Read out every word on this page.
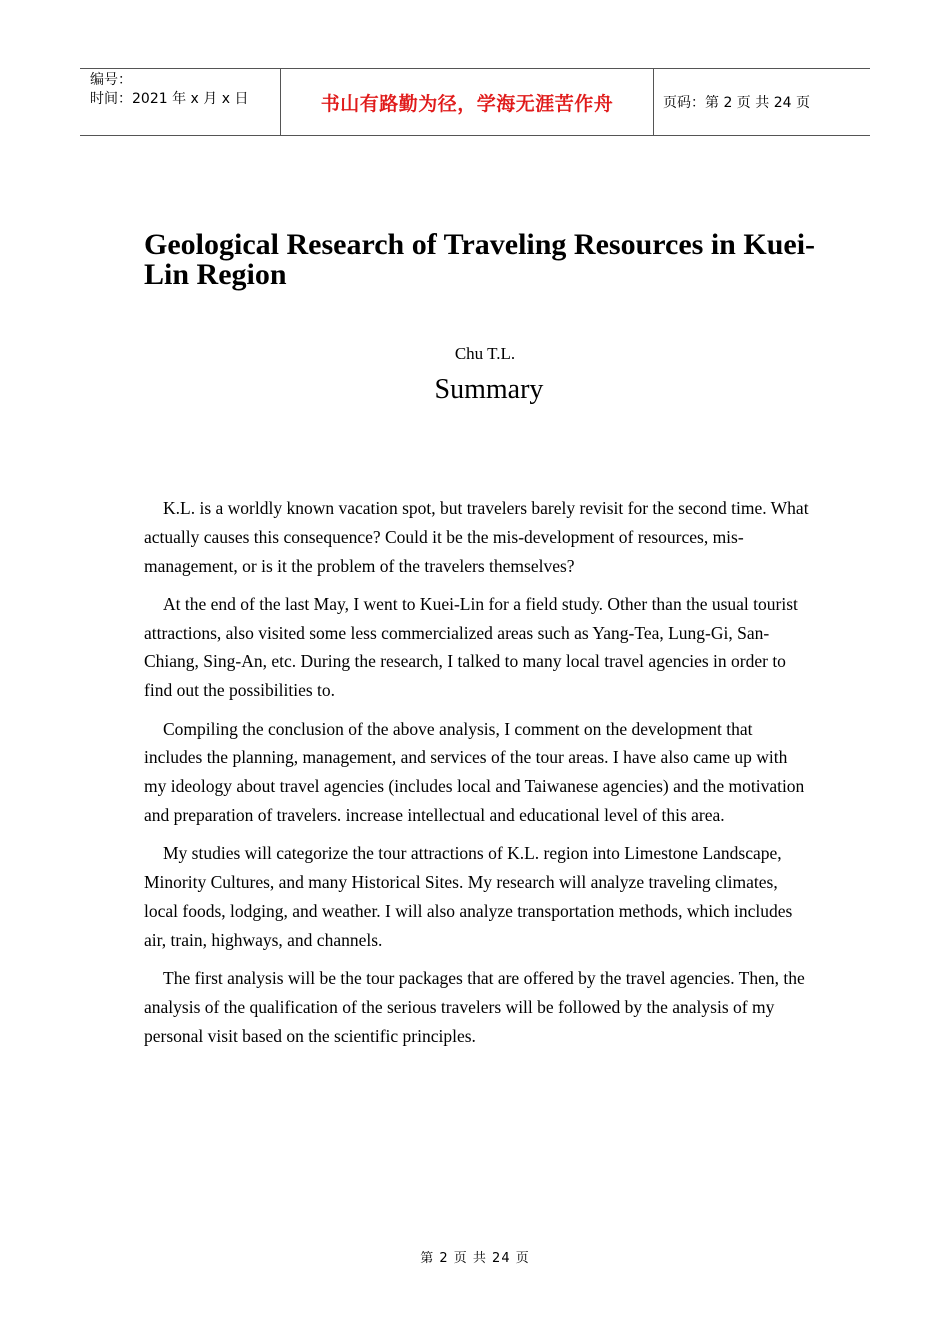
编号：
时间：2021 年 x 月 x 日	书山有路勤为径，学海无涯苦作舟	页码：第 2 页 共 24 页
Geological Research of Traveling Resources in Kuei-Lin Region
Chu T.L.
Summary

K.L. is a worldly known vacation spot, but travelers barely revisit for the second time. What actually causes this consequence? Could it be the mis-development of resources, mis-management, or is it the problem of the travelers themselves?

At the end of the last May, I went to Kuei-Lin for a field study. Other than the usual tourist attractions, also visited some less commercialized areas such as Yang-Tea, Lung-Gi, San-Chiang, Sing-An, etc. During the research, I talked to many local travel agencies in order to find out the possibilities to.

Compiling the conclusion of the above analysis, I comment on the development that includes the planning, management, and services of the tour areas. I have also came up with my ideology about travel agencies (includes local and Taiwanese agencies) and the motivation and preparation of travelers. increase intellectual and educational level of this area.

My studies will categorize the tour attractions of K.L. region into Limestone Landscape, Minority Cultures, and many Historical Sites. My research will analyze traveling climates, local foods, lodging, and weather. I will also analyze transportation methods, which includes air, train, highways, and channels.

The first analysis will be the tour packages that are offered by the travel agencies. Then, the analysis of the qualification of the serious travelers will be followed by the analysis of my personal visit based on the scientific principles.

第 2 页 共 24 页
